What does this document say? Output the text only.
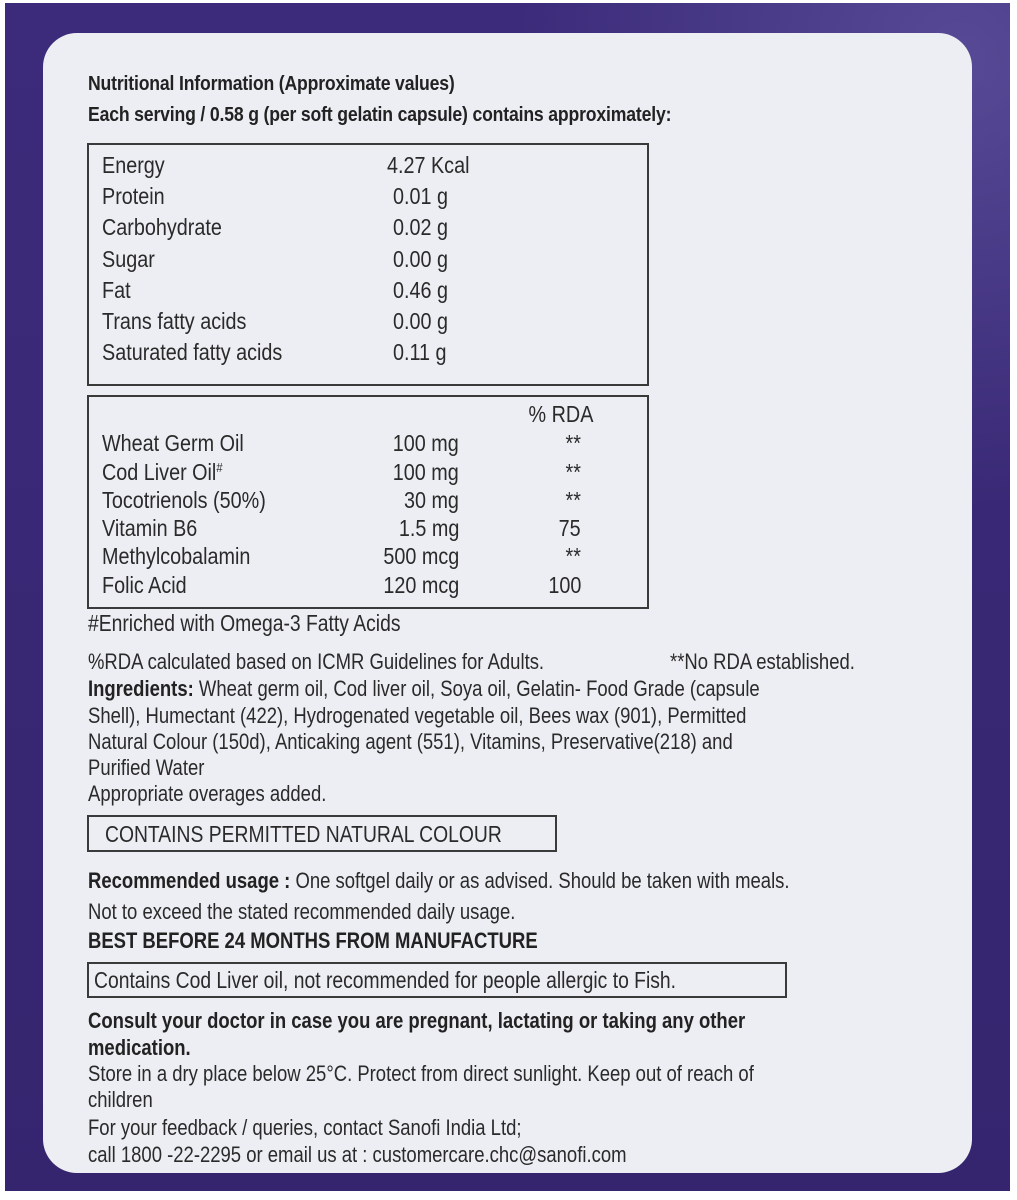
Nutritional Information (Approximate values)
Each serving / 0.58 g (per soft gelatin capsule) contains approximately:
Energy	4.27 Kcal
Protein	0.01 g
Carbohydrate	0.02 g
Sugar	0.00 g
Fat	0.46 g
Trans fatty acids	0.00 g
Saturated fatty acids	0.11 g
% RDA
Wheat Germ Oil	100 mg	**
Cod Liver Oil#	100 mg	**
Tocotrienols (50%)	30 mg	**
Vitamin B6	1.5 mg	75
Methylcobalamin	500 mcg	**
Folic Acid	120 mcg	100
#Enriched with Omega-3 Fatty Acids
%RDA calculated based on ICMR Guidelines for Adults.	**No RDA established.
Ingredients: Wheat germ oil, Cod liver oil, Soya oil, Gelatin- Food Grade (capsule
Shell), Humectant (422), Hydrogenated vegetable oil, Bees wax (901), Permitted
Natural Colour (150d), Anticaking agent (551), Vitamins, Preservative(218) and
Purified Water
Appropriate overages added.
CONTAINS PERMITTED NATURAL COLOUR
Recommended usage : One softgel daily or as advised. Should be taken with meals.
Not to exceed the stated recommended daily usage.
BEST BEFORE 24 MONTHS FROM MANUFACTURE
Contains Cod Liver oil, not recommended for people allergic to Fish.
Consult your doctor in case you are pregnant, lactating or taking any other
medication.
Store in a dry place below 25°C. Protect from direct sunlight. Keep out of reach of
children
For your feedback / queries, contact Sanofi India Ltd;
call 1800 -22-2295 or email us at : customercare.chc@sanofi.com
